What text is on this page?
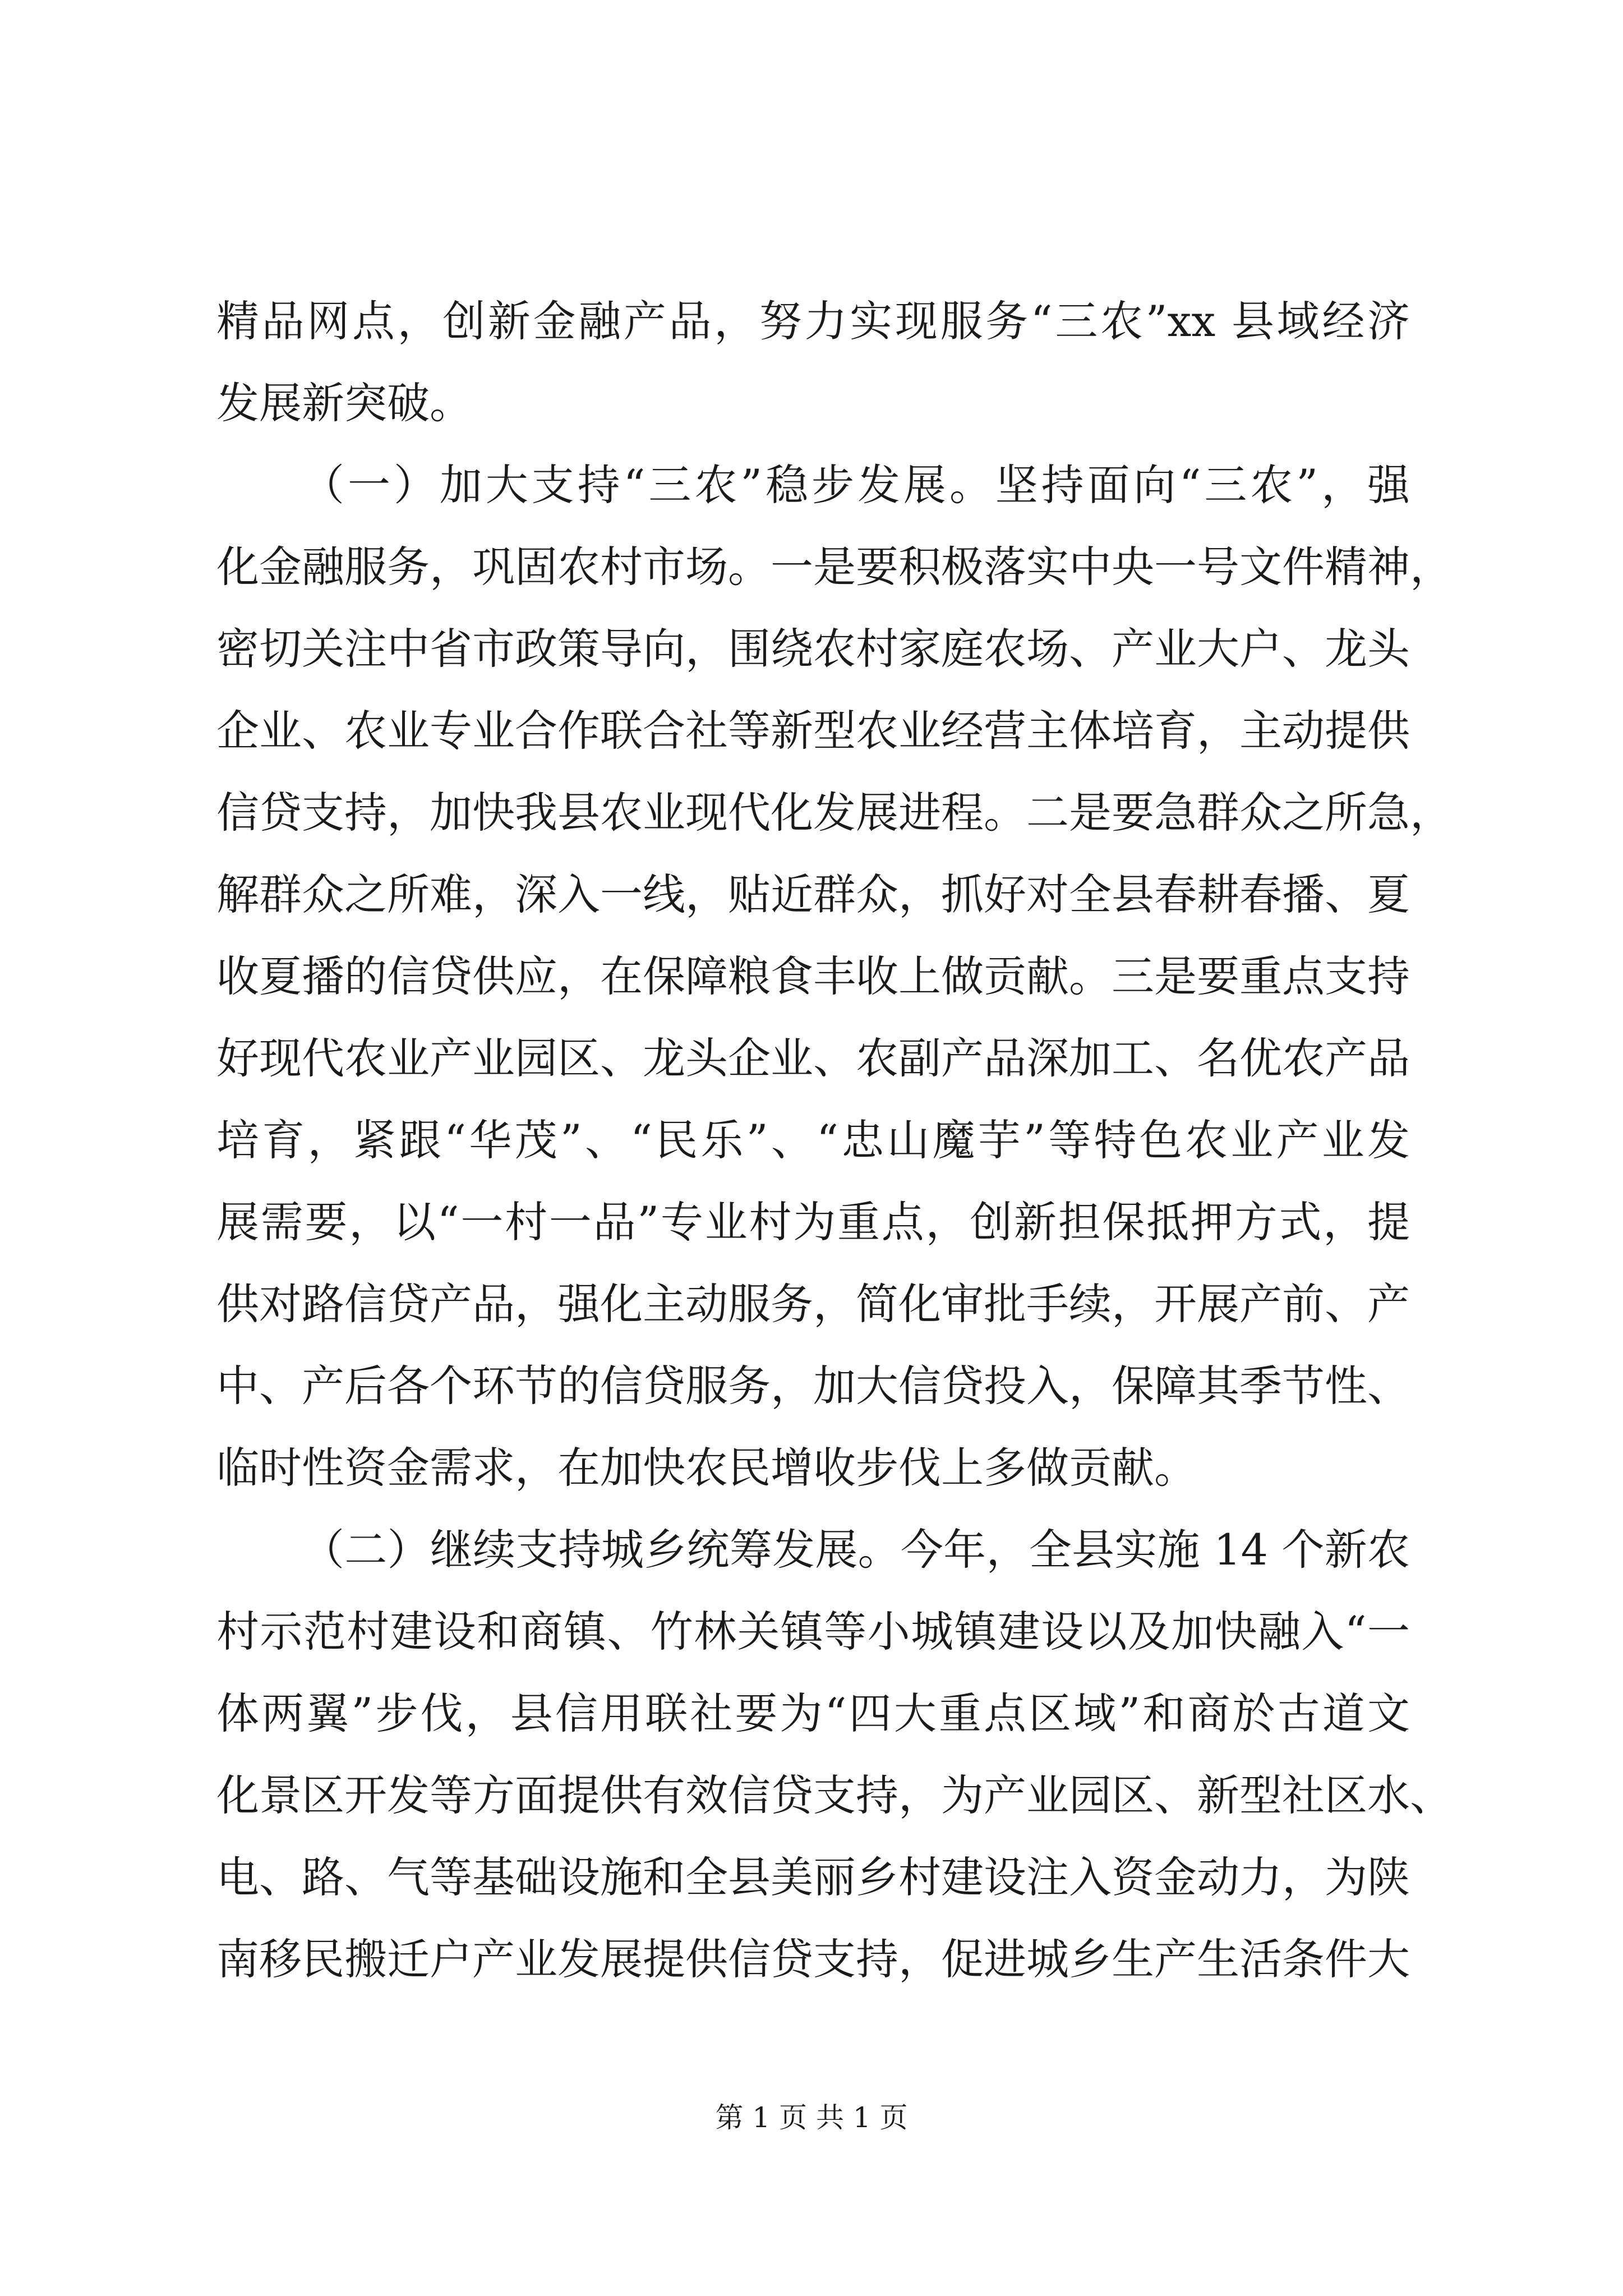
精品网点，创新金融产品，努力实现服务“三农”xx 县域经济
发展新突破。
（一）加大支持“三农”稳步发展。坚持面向“三农”，强
化金融服务，巩固农村市场。一是要积极落实中央一号文件精神，
密切关注中省市政策导向，围绕农村家庭农场、产业大户、龙头
企业、农业专业合作联合社等新型农业经营主体培育，主动提供
信贷支持，加快我县农业现代化发展进程。二是要急群众之所急，
解群众之所难，深入一线，贴近群众，抓好对全县春耕春播、夏
收夏播的信贷供应，在保障粮食丰收上做贡献。三是要重点支持
好现代农业产业园区、龙头企业、农副产品深加工、名优农产品
培育，紧跟“华茂”、“民乐”、“忠山魔芋”等特色农业产业发
展需要，以“一村一品”专业村为重点，创新担保抵押方式，提
供对路信贷产品，强化主动服务，简化审批手续，开展产前、产
中、产后各个环节的信贷服务，加大信贷投入，保障其季节性、
临时性资金需求，在加快农民增收步伐上多做贡献。
（二）继续支持城乡统筹发展。今年，全县实施 14 个新农
村示范村建设和商镇、竹林关镇等小城镇建设以及加快融入“一
体两翼”步伐，县信用联社要为“四大重点区域”和商於古道文
化景区开发等方面提供有效信贷支持，为产业园区、新型社区水、
电、路、气等基础设施和全县美丽乡村建设注入资金动力，为陕
南移民搬迁户产业发展提供信贷支持，促进城乡生产生活条件大
第 1 页 共 1 页
